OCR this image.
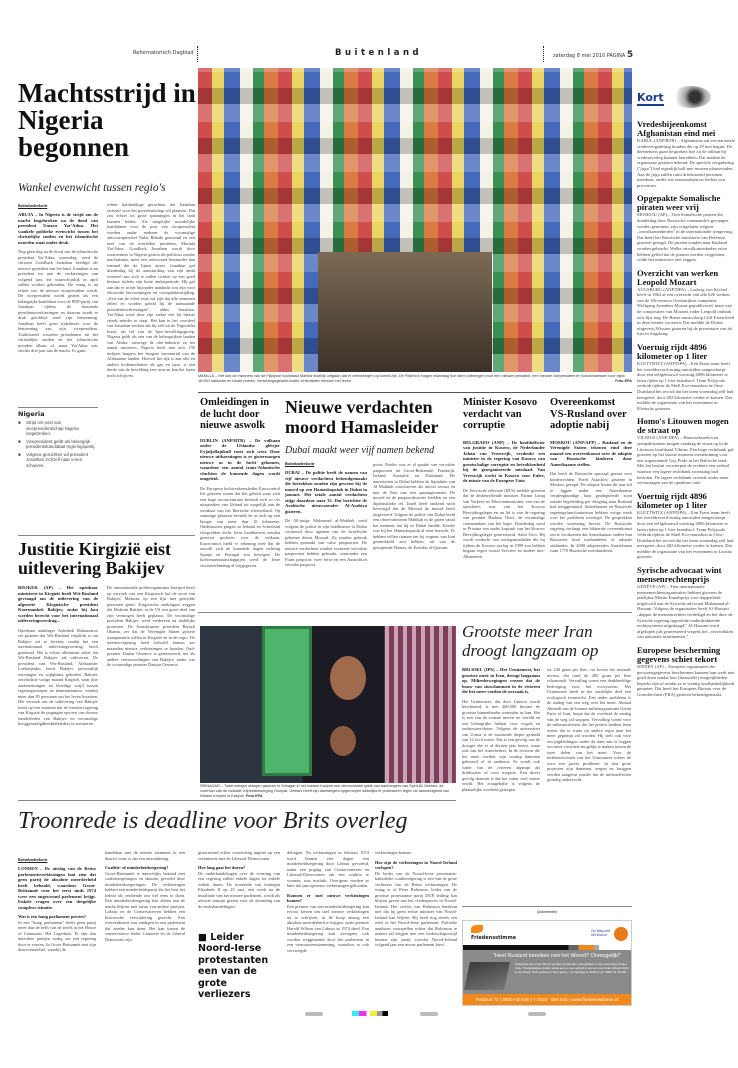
Reformatorisch Dagblad	Buitenland	zaterdag 8 mei 2010 PAGINA 5
Machtsstrijd in Nigeria begonnen
Wankel evenwicht tussen regio's
Buitenlandredactie
ABUJA – In Nigeria is de strijd om de macht losgebroken na de dood van president Umaru Yar'Adua. Het wankele politieke evenwicht tussen het christelijke zuiden en het islamitische noorden staat onder druk.
Nog geen dag na de dood van de islamitische president Yar'Adua, woensdag, werd de christen Goodluck Jonathan beëdigd als nieuwe president van het land. Jonathan is nu president tot aan de verkiezingen van volgend jaar, die waarschijnlijk in april zullen worden gehouden. De vraag is nu echter wie de nieuwe vicepresident wordt. De vicepresident wordt gezien als een belangrijke kandidaat voor de PDP-partij van Jonathan tijdens de komende presidentsverkiezingen en daarom wordt er druk gelobbyd rond zijn benoeming. Jonathan heeft geen tijdslimiet voor de benoeming van zijn vicepresident. Traditioneel wisselen presidenten uit het christelijke zuiden en het islamitische noorden elkaar af, maar Yar'Adua was slechts drie jaar aan de macht. Er gaan
Nigeria
■ Strijd om post van vicepresidentschap Nigeria losgebroken.
■ Vicepresident geldt als belangrijk presidentskandidaat regeringspartij.
■ Volgens geruchten wil president Jonathan zichzelf naar voren schuiven.
echter hardnekkige geruchten dat Jonathan zichzelf voor het presidentschap wil plaatsen. Dat zou echter tot grote spanningen in het land kunnen leiden. Als mogelijke noordelijke kandidaten voor de post van vicepresident worden onder anderen de voormalige anticorruptiechef Nuhu Ribadu genoemd en een neef van de overleden president, Murtala Yar'Adua. Goodluck Jonathan wordt door waarnemers in Nigeria gezien als politicus zonder machtsbasis, meer een uitvoerend bestuurder dan iemand die de lijnen uitzet. Jonathan gaf donderdag bij de aanvaarding van zijn ambt evenwel aan zich te zullen richten op een goed bestuur tijdens zijn korte ambtsperiode. Hij gaf aan dat er in het bijzonder aandacht zou zijn voor electorale hervormingen en corruptiebestrijding. „Een van de echte tests zal zijn dat alle stemmen tellen en worden geteld bij de aanstaande presidentsverkiezingen", aldus Jonathan. Yar'Adua werd door zijn ziekte een bij hietste steeds minder in staat. Het kan in het voordeel van Jonathan werken dat hij zelf uit de Nigerdelta komt, als lid van de Ijaw-bevolkingsgroep. Nigeria geldt als een van de belangrijkste landen van Afrika, vanwege de olie-industrie en het aantal inwoners. Nigeria heeft met zo'n 150 miljoen burgers het hoogste inwonertal van de Afrikaanse landen. Hoewel het rijk is aan olie en andere bodemschatten als gas en ijzer, is een derde van de bevolking zeer arm en kan het lezen noch schrijven.
Justitie Kirgizië eist uitlevering Bakijev
BISJKEK (AP) – Het openbaar ministerie in Kirgizië heeft Wit-Rusland gevraagd om de uitlevering van de afgezette Kirgizische president Koermanbek Bakijev, zodat hij kan worden berecht voor het internationaal uitleveringsverdrag...
Openbaar aanklager Azimbek Beknazarov zei gisteren dat Wit-Rusland verplicht is om Bakijev uit te leveren, omdat het een internationaal uitleveringsverdrag heeft getekend. Het is echter allerminst zeker dat Wit-Rusland Bakijev zal uitleveren. De president van Wit-Rusland, Aleksander Loekasjenko, heeft Bakijev persoonlijk ontvangen en wijkplaats geboden. Bakijev ontvluchtte vorige maand Kirgizië, waar drie ondernemingen en bloedige strijd tussen regeringstroepen en demonstranten, waarbij meer dan 85 personen om het leven kwamen. Het verzoek om de uitlevering van Bakijev komt op een moment dat de interim-regering van Kirgizië de pogingen opvoert om diverse familieleden van Bakijev en voormalige hooggeraadigdheidsbekleders te arresteren.
De internationale politieorganisatie Interpol heeft op verzoek van een Kirgizisch hof de zoon van Bakijev, Maksim, op een lijst met gezochte personen gezet. Kirgizische aanklagers zeggen dat Maksim Bakijev in de VS een groot deel van zijn vermogen heeft geplaatst. De voormalige president Bakijev werd verdreven na dodelijke protesten. De Amerikaanse president Barack Obama, zei dat de Verenigde Staten grotere transparantie willen in Kirgizië en in de regio. De interim-regering heeft beloofd binnen zes maanden nieuwe verkiezingen te houden. Oud-premier Daniar Oesenov is gearresteerd, net als andere vertrouwelingen van Bakijev, onder wie de voormalige premier Danijar Oesenov.
MANILLA – Het kan de inwoners van de Filipijnse hoofdstad Manilla moeilijk ontgaan dat er verkiezingen op komst zijn. De Filipino's mogen maandag hun stem uitbrengen voor een nieuwe president, een nieuwe vicepresident en functionarissen voor bijna 18.000 nationale en lokale posten. Verkiezingsgeweld kostte al tientallen mensen het leven.	Foto EPA
Omleidingen in de lucht door nieuwe aswolk
DUBLIN (ANP/RTR) – De vulkaan onder de IJslandse gletsjer Eyjafjallajökull roert zich weer. Door nieuwe uitbarstingen is er gistermorgen nieuwe as in de lucht gekomen, waardoor een aantal trans-Atlantische vluchten de komende dagen wordt omgeleid.
De Europese luchtverkeersleider Eurocontrol liet gisteren weten dat het gebied waar zich een hoge asconcentratie bevindt zich zo ver uitspreiden van IJsland tot mogelijk aan de westkust van het Iberische schiereiland. Op sommige plaatsen bevindt de as zich op een hoogte van meer dan 10 kilometer. Ondertussen gingen in Ierland en Schotland vliegvelden dicht. Ierse luchthavens werden gisteren gesloten voor de vulkaan. Eurocontrol hield er rekening mee dat de aswolk zich de komende dagen richting Spanje en Portugal zou bewegen. De luchtvaartmaatschappijen werd de Ierse vluchtverbinding al vrijgegeven.
Nieuwe verdachten moord Hamasleider
Dubai maakt weer vijf namen bekend
Buitenlandredactie
DUBAI – De politie heeft de namen van vijf nieuwe verdachten bekendgemaakt die betrokken zouden zijn geweest bij de moord op een Hamaskopstuk in Dubai in januari. Het totale aantal verdachten stijgt daardoor naar 32. Dat berichtte de Arabische nieuwszender Al-Arabiya gisteren.
De 50-jarige Mahmoud al-Mabhuh werd volgens de politie in zijn hotelkamer in Dubai vermoord door agenten van de Israëlische geheime dienst Mossad. Zij zouden gebruik hebben gemaakt van valse paspoorten. De nieuwe verdachten zouden eveneens vervalste paspoorten hebben gebruikt, waaronder een Frans paspoort, twee Ierse en een Australisch vervalst paspoort.
poort. Eerder was er al sprake van vervalste paspoorten uit Groot-Brittannië, Frankrijk, Ierland, Australië en Duitsland. De autoriteiten in Dubai hebben de liquidatie van Al-Mabhuh omschreven als uiterst secuur en met de flair van een spionageroman. De moord en de paspoortkwestie leidden tot een diplomatieke rel. Israël heeft ontkend noch bevestigd dat de Mossad de moord heeft uitgevoerd. Volgens de politie van Dubai hield een observatieteam Mabhuh in de gaten vanaf het moment dat hij in Dubai landde. Kerder was hij het Hamaskopstuk al eens bezocht. Er hebben willen ruimen om hij wapens van Iran gesmokkeld zou hebben, uit van de gewapende Hamas, de Ezzedin al-Qassam.
Minister Kosovo verdacht van corruptie
BELGRADO (ANP) – De hoofdofficier van justitie in Kosovo, de Nederlander Johan van Vreeswijk, verdenkt een minister in de regering van Kosovo van grootschalige corruptie en betrokkenheid bij de georganiseerde misdaad. Van Vreeswijk werkt in Kosovo voor Eulex, de missie van de Europese Unie.
De Servische televisie (RTS) meldde gisteren dat de desbetreffende minister, Fatmir Limaj van Verkeer en Telecommunicatie, een van de oprichters was van het Kosovo Bevrijdingsleger en nu lid is van de regering van premier Hashim Thaci, de voormalige commandant van het leger. Donderdag werd in Pristina een onder kopstuk van het Kosovo Bevrijdingsleger gearresteerd, Sabit Geci. Hij wordt verdacht van oorlogsmisdaden die hij tijdens de Kosovo-oorlog in 1999 zou hebben begaan tegen vooral Serviërs en andere niet-Albanezen.
Overeenkomst VS-Rusland over adoptie nabij
MOSKOU (ANP/AFP) – Rusland en de Verenigde Staten tekenen eind deze maand een overeenkomst over de adoptie van Russische kinderen door Amerikaanse stellen.
Dat heeft de Russische speciaal gezant voor kinderrechten, Pavel Astachov, gisteren in Moskou gezegd. De adoptie kwam dit jaar stil te liggen nadat een Amerikaanse verpleegkundige haar geadopteerde zoon zonder begeleiding per vliegtuig naar Rusland had teruggestuurd. Amerikaanse en Russische regeringsfunctionarissen hebben vorige week over het probleem overlegd. De gesprekken werden woensdag hervat. De Russische regering verlangt een bilaterale overeenkomst om te voorkomen dat Amerikaanse ouders hun Russische kind mishandelen of adoptie ontbinden. In 2008 adopteerden Amerikanen ruim 1770 Russische weeskinderen.
SRINAGAR – Twee meisjes stoegen gisteren in Srinagar in het Indiase Kasjmir een demonstratie gade van aanhangers van Syed Ali Geelani, de voorman van de radicale vrijheidsbeweging Hurriyat. Geelani heeft zijn aanhangers opgeroepen wekelijks te protesteren tegen de aanwezigheid van Indiase troepen in Kasjmir. Foto EPA
Grootste meer Iran droogt langzaam op
BRUSSEL (IPS) – Het Urmiameer, het grootste meer in Iran, droogt langzaam op. Milieubewegingen vrezen dat de bouw van stuwdammen in de rivieren die het meer voeden de oorzaak is.
Het Urmiameer, dat door Unesco wordt beschermd, is met 460.000 hectare de grootste binnenlandse waterplas in Iran. Het is een van de zoutste meren ter wereld en een belangrijke habitat voor vogels en onderwatervleien. Volgens de universiteit van Urmia is de maximale diepte gedaald van 12 tot 6 meter. Dat is een gevolg van de droogte die er al dertien jaar heerst, maar ook van het waterbeheer. In de rivieren die het meer voeden, zijn twintig dammen gebouwd of in aanbouw. Er wordt ook water van de rivieren afgetapt als drinkwater of voor irrigatie. Een direct gevolg daarvan is dat het water veel zouter wordt. Het zoutgehalte is volgens de plaatselijke overheid gestegen
tot 240 gram per liter, ver boven het normale niveau, dat rond de 200 gram per liter schommelt. Vervuiling vormt een denkbeeldige bedreiging voor het ecosysteem. Het Urmiameer heeft in het zuidelijke deel een ecologisch evenwicht. Een ander probleem is de aanleg van een weg over het meer. Ahmad Ahmadi van de Iraanse milieuorganisatie Green Party of Iran, hoopt dat de overheid de aanleg van de weg zal stoppen. Vervuiling vormt voor de milieuactivisten die het protest hebben laten weten dat er water uit andere regio naar het meer gepompt zal worden. Hij stelt ook voor om pijpleidingen onder de dam aan te leggen om meer circulatie mogelijk te maken tussen de twee delen van het meer. Voor de milieuactivisten van het Urmiameer echter de voor een groter probleem. In tien grote projecten zijn dammen, wegen en bruggen werden aangevat zonder dat de milieueffecten grondig onderzocht.
Troonrede is deadline voor Brits overleg
Buitenlandredactie
LONDEN – De uitslag van de Britse parlementsverkiezingen laat zien dat geen partij de absolute meerderheid heeft behaald, waardoor Groot-Brittannië voor het eerst sinds 1974 weer een ongewoond parlement krijgt. Enkele vragen over een dergelijke complexe situatie.
Wat is een hung parliament precies?
In een "hung parliament" heeft geen partij meer dan de helft van de zetels in het House of Commons. Het Lagerhuis. Er zijn dan meerdere partijen nodig om een regering door te voeren. In Groot-Brittannië met zijn districtenstelsel, waarbij de
kandidaat met de meeste stemmen in een district wint, is dat een uitzondering.
Coalitie- of minderheidsregering?
Groot-Brittannië is nauwelijks bekend met coalitieregeringen en daarom gevoeld deze minderheidsregeringen. De verkiezingen hebben een minderheidspartij die het best het beleid als verdiende om wel eens te doen. Een minderheidsregering kan alleen aan de macht blijven met steun van andere partijen. Labour en de Conservatieven hebben een historische verwijdering gezocht. Een overeenkomst zou eindigen in een parlement dat zonder kan doen. Het kan tussen de conservatieve leider Cameron en de Liberal Democrats zijn.
gisteravond echter voorzichtig ingezet op een verbintenis met de Liberaal-Democraten.
Hoe lang gaat het duren?
De onderhandelingen over de vorming van een regering zullen enkele dagen tot enkele weken duren. De troonrede van koningin Elizabeth II op 25 mei, een week na de installatie van het nieuwe parlement, wordt als uiterste termijn gezien voor de afronding van de onderhandelingen.
■ Leider Noord-Ierse protestanten een van de grote verliezers
delingen. Na verkiezingen in februari 1974 werd binnen vier dagen een minderheidsregering door Labour gevormd, nadat een poging van Conservatieven en Liberaal-Democraten om een coalitie te vormen, was mislukt. Overigens werden er later dat jaar opnieuw verkiezingen gehouden.
Kunnen er snel nieuwe verkiezingen komen?
Een premier van een minderheidsregering kan ervoor kiezen om snel nieuwe verkiezingen uit te schrijven, in de hoop alsnog een absolute meerderheid te krijgen, zoals premier Harold Wilson van Labour in 1974 deed. Een minderheidsregering kan overigens ook worden weggestemd door het parlement in een vertrouwensstemming, waardoor er ook vervroegde
verkiezingen komen.
Hoe zijn de verkiezingen in Noord-Ierland verlopen?
De leider van de Noord-Ierse protestants-katholieke coalitieregering is een van de grote verliezers van de Britse verkiezingen. De vraag is of Peter Robinson, leider van de grootste protestantse partij DUP, leiding kan blijven geven aan het vredesproces in Noord-Ierland. Het verlies van Robinson betekent niet dat hij geen eerste minister van Noord-Ierland kan blijven. Hij heeft nog steeds een zetel in het Noord-Ierse parlement. Politieke analisten voorspellen echter dat Robinson te maken zal krijgen met een leiderschapsstrijd binnen zijn partij voordat Noord-Ierland volgend jaar een nieuw parlement kiest.
(Advertentie)
Friedensstimme
Op Weg met het Woord
"Heel Rusland bereiken met het Woord? Onmogelijk!"
Gebouwd aan Gods Woord werken honderden evangelisten in de voormalige Sovjet-Unie. Postpraktijken draait, aldus een en een gebed is een uur met Gods Woord dicht in de streek. Door gebed en door geven. Uw bijdrage is welkom op: 0900-41 32 204
Postbus 72 | 3800 AB Ede | T 0318 - 555 544 | www.friedensstimme.nl
Kort
Vredesbijeenkomst Afghanistan eind mei
KABUL (ANP/RTR) – Afghanistan zal een nationale vredesvergadering houden die op 29 mei begint. De deelnemers gaan bespreken hoe zij de taliban bij vredesoverleg kunnen betrekken. Dat maakte de organisatie gisteren bekend. De speciale vergadering ("jirga") had eigenlijk half mei moeten plaatsvinden. Aan de jirga zullen ruim drieduizend personen meedoen, onder wie stamoudsten en leiders van provincies.
Opgepakte Somalische piraten weer vrij
MOSKOU (AP) – Tien Somalische piraten die donderdag door Russische commando's gevangen werden genomen, zijn vrijgelaten wegens „onvolkomenheden" in de internationale wetgeving. Dat heeft het Russische ministerie van Defensie gisteren gezegd. De piraten zouden naar Rusland worden gebracht. Welke onvolkomenheden ertoe hebben geleid dat de piraten werden vrijgelaten, wilde het ministerie niet zeggen.
Overzicht van werken Leopold Mozart
AUGSBURG (ANP/DPA) – Ludwig von Köchel heeft in 1862 al een overzicht van alle 626 werken van de 18e-eeuwse Oostenrijkse componist Wolfgang Amadeus Mozart gepubliceerd, maar van de composities van Mozarts vader Leopold ontbrak zo'n lijst nog. De Britse musicoloog Cliff Eisen heeft in deze leemte voorzien. Dat meldde de Duitse uitgeverij Wissner gisteren bij de presentatie van de lijst in Augsburg.
Voertuig rijdt 4896 kilometer op 1 liter
KLETTWITZ (ANP/DPA) – Een Frans team heeft het wereldrecord zuinig autorijden aangescherpt door een zelfgebouwd voertuig 4896 kilometer te laten rijden op 1 liter brandstof. Team Polyjoule verbrak tijdens de Shell Eco-marathon in Oost-Duitsland het record dat het team woensdag zelf had neergezet, door 482 kilometer verder te komen. Dat meldde de organisatie van het evenement in Klettwitz gisteren.
Homo's Litouwen mogen de straat op
VILNIUS (ANP/DPA) – Homoseksuelen en sympathisanten mogen vandaag de straat op in de Litouwse hoofdstad Vilnius. Een hoge rechtbank gaf gisteren op het laatste moment toestemming voor een zogenoemde Gay Pride in het Baltische land. Met het besluit verwierpen de rechters een verbod waartoe een lagere rechtbank woensdag had besloten. De lagere rechtbank vreesde onder meer verstoringen van de openbare orde.
Voertuig rijdt 4896 kilometer op 1 liter
KLETTWITZ (ANP/DPA) – Een Frans team heeft het wereldrecord zuinig autorijden aangescherpt door een zelfgebouwd voertuig 4896 kilometer te laten rijden op 1 liter brandstof. Team Polyjoule verbrak tijdens de Shell Eco-marathon in Oost-Duitsland het record dat het team woensdag zelf had neergezet, door 482 kilometer verder te komen. Dat meldde de organisatie van het evenement in Lausitz gisteren.
Syrische advocaat wint mensenrechtenprijs
GENÈVE (AP) – Tien internationale mensenrechtenorganisaties hebben gisteren de jaarlijkse Martin Ennalsprijs voor dapperheid uitgeloofd aan de Syrische advocaat Muhannad al-Hassani. Volgens de organisaties heeft Al-Hassani „dapper de mensenrechten verdedigd en het door de Syrische regering ingestelde onderdrukkende rechtssysteem uitgedaagd." Al-Hassani werd afgelopen juli gearresteerd wegens het „verzwakken van nationale sentimenten."
Europese bescherming gegevens schiet tekort
WENEN (AP) – Europese organisaties die persoonsgegevens beschermen kunnen hun werk niet goed doen omdat hun (financiële) mogelijkheden beperkt zijn of omdat ze te weinig onafhankelijkheid genieten. Dat heeft het Europees Bureau voor de Grondrechten (FRA) gisteren bekendgemaakt.
